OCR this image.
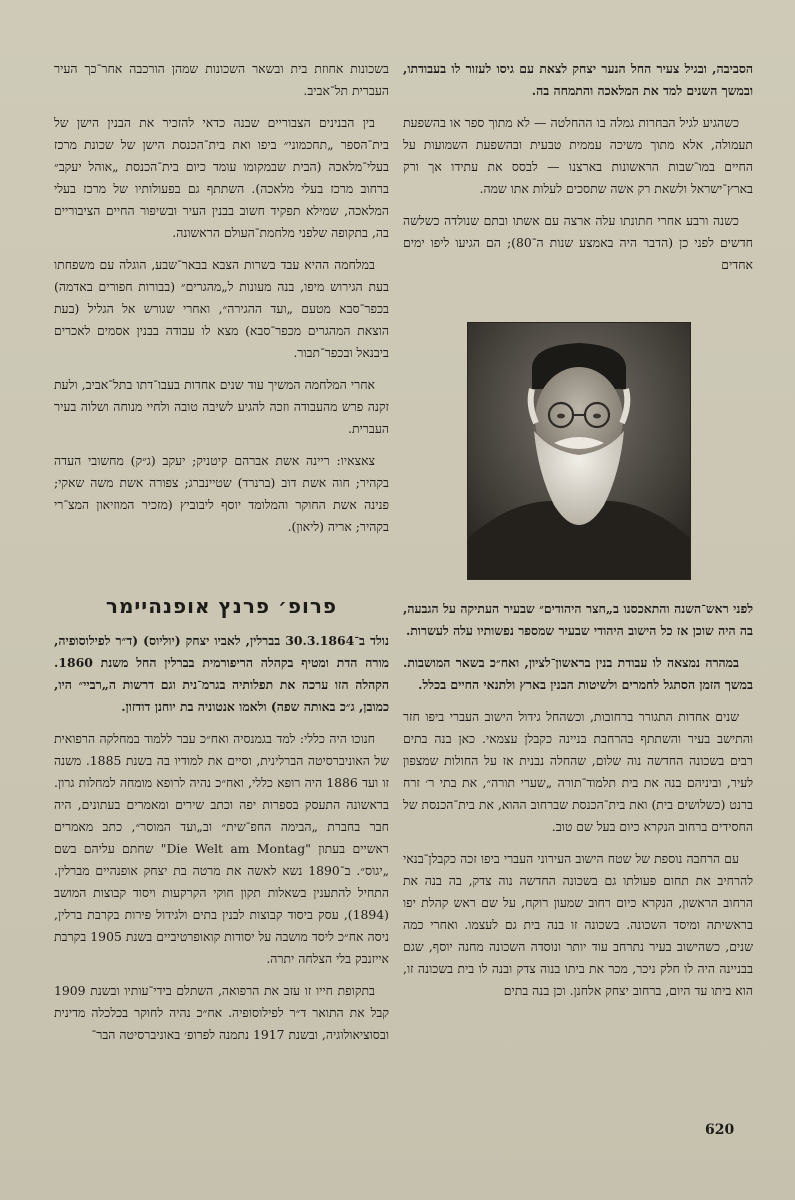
הסביבה, ובגיל צעיר החל הנער יצחק לצאת עם גיסו לעזור לו בעבודתו, ובמשך השנים למד את המלאכה והתמחה בה.

כשהגיע לגיל הבחרות גמלה בו ההחלטה — לא מתוך ספר או בהשפעת תעמולה, אלא מתוך משיכה עממית טבעית ובהשפעת השמועות על החיים במו־שבות הראשונות בארצנו — לבסס את עתידו אך ורק בארץ־ישראל ולשאת רק אשה שתסכים לעלות אתו שמה.

כשנה ורבע אחרי חתונתו עלה ארצה עם אשתו ובתם שנולדה כשלשה חדשים לפני כן (הדבר היה באמצע שנות ה־80); הם הגיעו ליפו ימים אחדים

לפני ראש־השנה והתאכסנו ב„חצר היהודים״ שבעיר העתיקה על הגבעה, בה היה שוכן אז כל הישוב היהודי שבעיר שמספר נפשותיו עלה לעשרות.

במהרה נמצאה לו עבודת בנין בראשון־לציון, ואח״כ בשאר המושבות. במשך הזמן הסתגל לחמרים ולשיטות הבנין בארץ ולתנאי החיים בכלל.

שנים אחדות התגורר ברחובות, וכשהחל גידול הישוב העברי ביפו חזר והתישב בעיר והשתתף בהרחבת בניינה כקבלן עצמאי. כאן בנה בתים רבים בשכונה החדשה נוה שלום, שהחלה נבנית אז על החולות שמצפון לעיר, וביניהם בנה את בית תלמוד־תורה „שערי תורה״, את בתי ר׳ זרח ברנט (כשלושים בית) ואת בית־הכנסת שברחוב ההוא, את בית־הכנסת של החסידים ברחוב הנקרא כיום בעל שם טוב.

עם הרחבה נוספת של שטח הישוב העירוני העברי ביפו זכה כקבלן־בנאי להרחיב את תחום פעולתו גם בשכונה החדשה נוה צדק, בה בנה את הרחוב הראשון, הנקרא כיום רחוב שמעון רוקח, על שם ראש קהלת יפו בראשיתה ומיסד השכונה. בשכונה זו בנה בית גם לעצמו. ואחרי כמה שנים, כשהישוב בעיר נתרחב עוד יותר ונוסדה השכונה מחנה יוסף, שגם בבניינה היה לו חלק ניכר, מכר את ביתו בנוה צדק ובנה לו בית בשכונה זו, הוא ביתו עד היום, ברחוב יצחק אלחנן. וכן בנה בתים

בשכונות אחוזת בית ובשאר השכונות שמהן הורכבה אחר־כך העיר העברית תל־אביב.

בין הבנינים הצבוריים שבנה כדאי להזכיר את הבנין הישן של בית־הספר „תחכמוני״ ביפו ואת בית־הכנסת הישן של שכונת מרכז בעלי־מלאכה (הבית שבמקומו עומד כיום בית־הכנסת „אוהל יעקב״ ברחוב מרכז בעלי מלאכה). השתתף גם בפעולותיו של מרכז בעלי המלאכה, שמילא תפקיד חשוב בבנין העיר ובשיפור החיים הציבוריים בה, בתקופה שלפני מלחמת־העולם הראשונה.

במלחמה ההיא עבד בשרות הצבא בבאר־שבע, הוגלה עם משפחתו בעת הגירוש מיפו, בנה מעונות ל„מהגרים״ (בבורות חפורים באדמה) בכפר־סבא מטעם „ועד ההגירה״, ואחרי שגורש אל הגליל (בעת הוצאת המהגרים מכפר־סבא) מצא לו עבודה בבנין אסמים לאכרים ביבנאל ובכפר־תבור.

אחרי המלחמה המשיך עוד שנים אחדות בעבו־דתו בתל־אביב, ולעת זקנה פרש מהעבודה וזכה להגיע לשיבה טובה ולחיי מנוחה ושלוה בעיר העברית.

צאצאיו: ריינה אשת אברהם קיטניק; יעקב (ג״ק) מחשובי העדה בקהיר; חוה אשת דוב (ברנרד) שטיינברג; צפורה אשת משה שאקי; פנינה אשת החוקר והמלומד יוסף ליבוביץ (מזכיר המוזיאון המצ־רי בקהיר; אריה (ליאון).

פרופ׳ פרנץ אופנהיימר

נולד ב־30.3.1864 בברלין, לאביו יצחק (יוליוס) (ד״ר לפילוסופיה, מורה הדת ומטיף בקהלה הריפורמית בברלין החל משנת 1860. הקהלה הזו ערכה את תפלותיה בגרמ־נית וגם דרשות ה„רביי״ היו, כמובן, ג״כ באותה שפה) ולאמו אנטוניה בת יוחנן דודזון.

חנוכו היה כללי: למד בגמנסיה ואח״כ עבר ללמוד במחלקה הרפואית של האוניברסיטה הברלינית, וסיים את למודיו בה בשנת 1885. משנה זו ועד 1886 היה רופא כללי, ואח״כ נהיה לרופא מומחה למחלות גרון. בראשונה התעסק בספרות יפה וכתב שירים ומאמרים בעתונים, היה חבר בחברת „הבימה החפ־שית״ וב„ועד המוסר״, כתב מאמרים ראשיים בעתון "Die Welt am Montag" שחתם עליהם בשם „יגוס״. ב־1890 נשא לאשה את מרטה בת יצחק אופנהיים מברלין. התחיל להתענין בשאלות תקון חוקי הקרקעות ויסוד קבוצות המושב (1894), עסק ביסוד קבוצות לבנין בתים ולגידול פירות בקרבת ברלין, ניסה אח״כ ליסד מושבה על יסודות קואופרטיביים בשנת 1905 בקרבת אייזנבק בלי הצלחה יתרה.

בתקופת חייו זו עזב את הרפואה, השתלם בידי־עותיו ובשנת 1909 קבל את התואר ד״ר לפילוסופיה. אח״כ נהיה לחוקר בכלכלה מדינית ובסוציאולוגיה, ובשנת 1917 נתמנה לפרופ׳ באוניברסיטה הבר־

620
